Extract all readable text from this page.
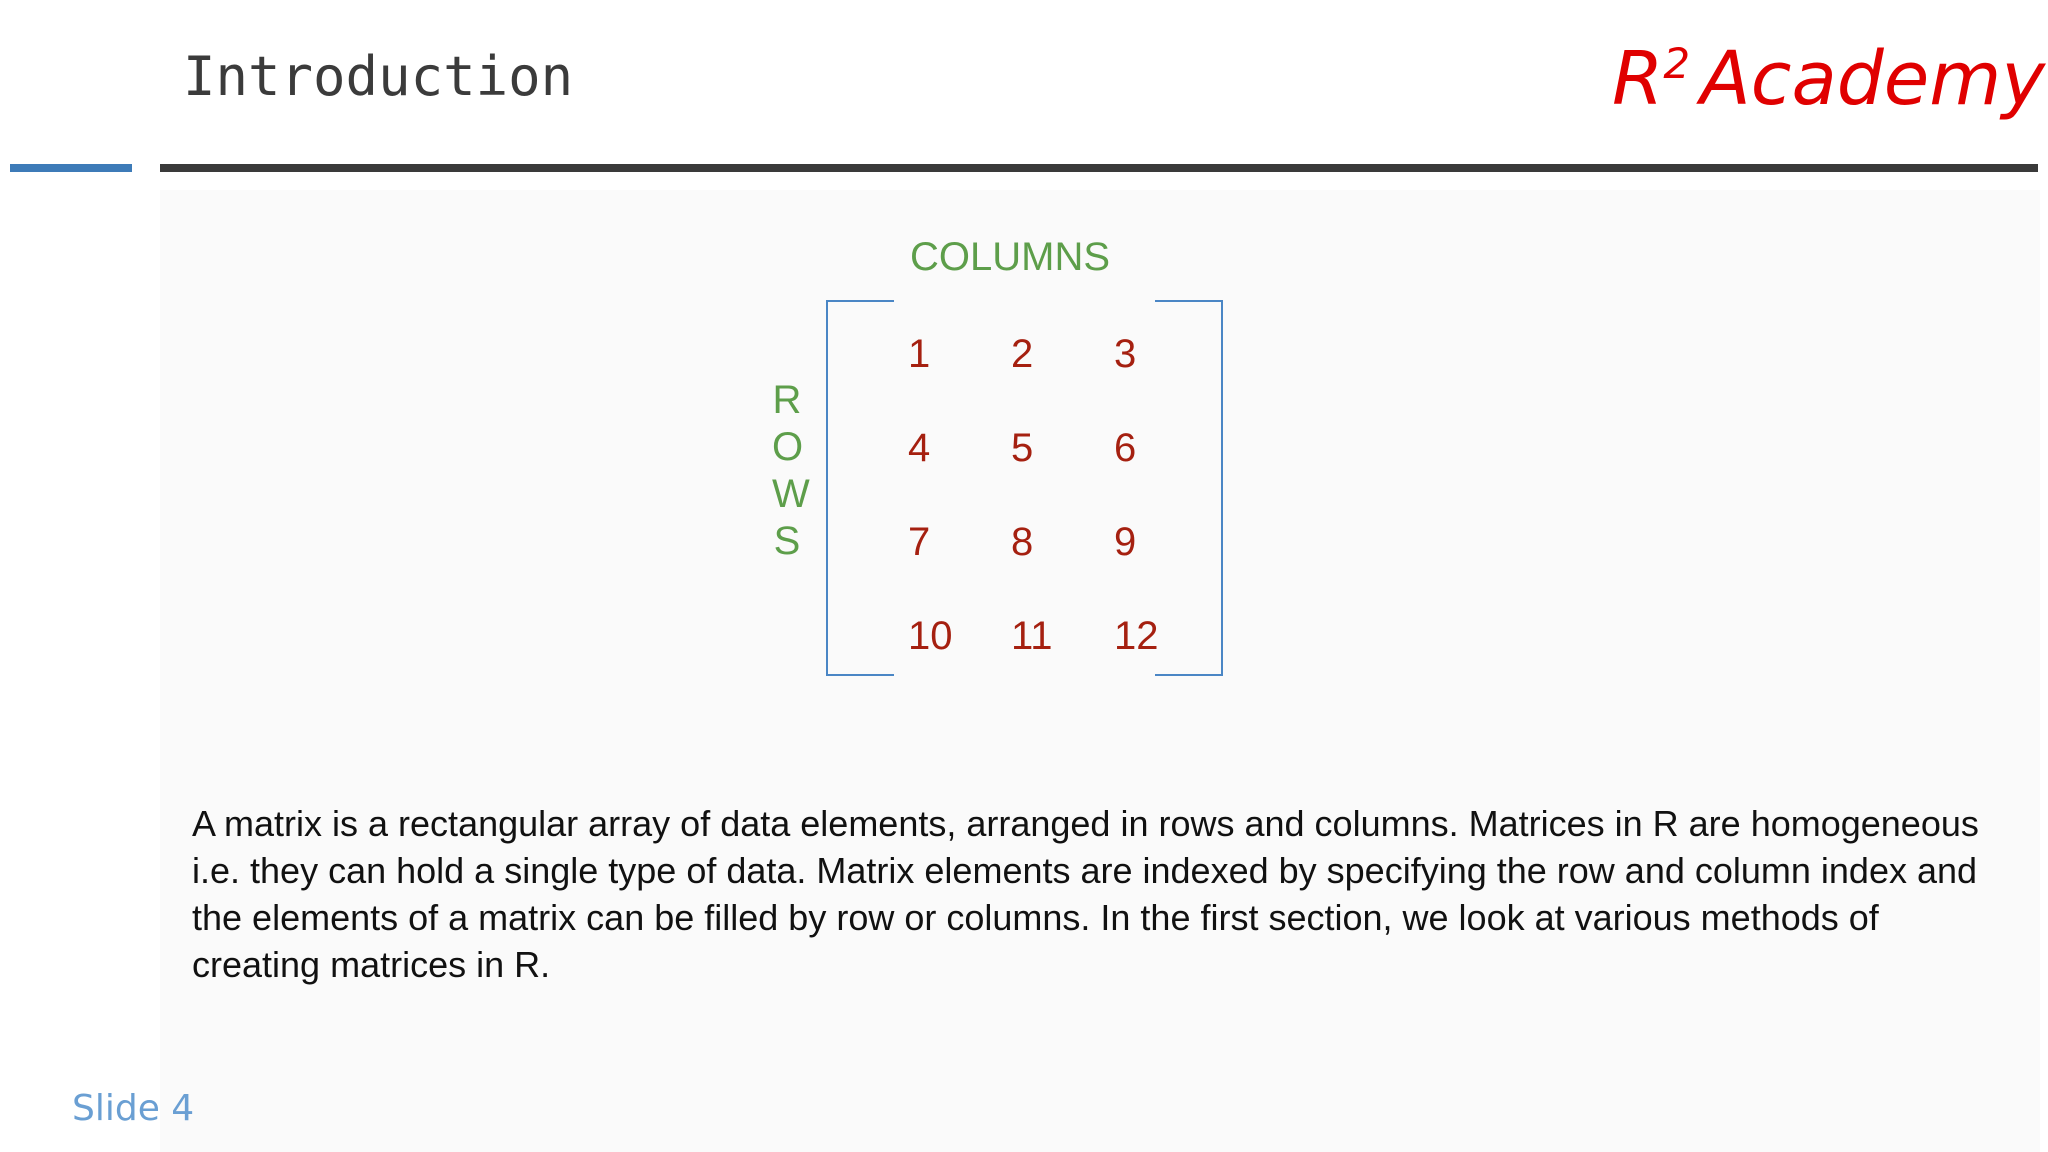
Introduction	$R^2$ Academy
COLUMNS
R
O
W
S
1	2	3
4	5	6
7	8	9
10	11	12
A matrix is a rectangular array of data elements, arranged in rows and columns. Matrices in R are homogeneous i.e. they can hold a single type of data. Matrix elements are indexed by specifying the row and column index and the elements of a matrix can be filled by row or columns. In the first section, we look at various methods of creating matrices in R.
Slide 4
